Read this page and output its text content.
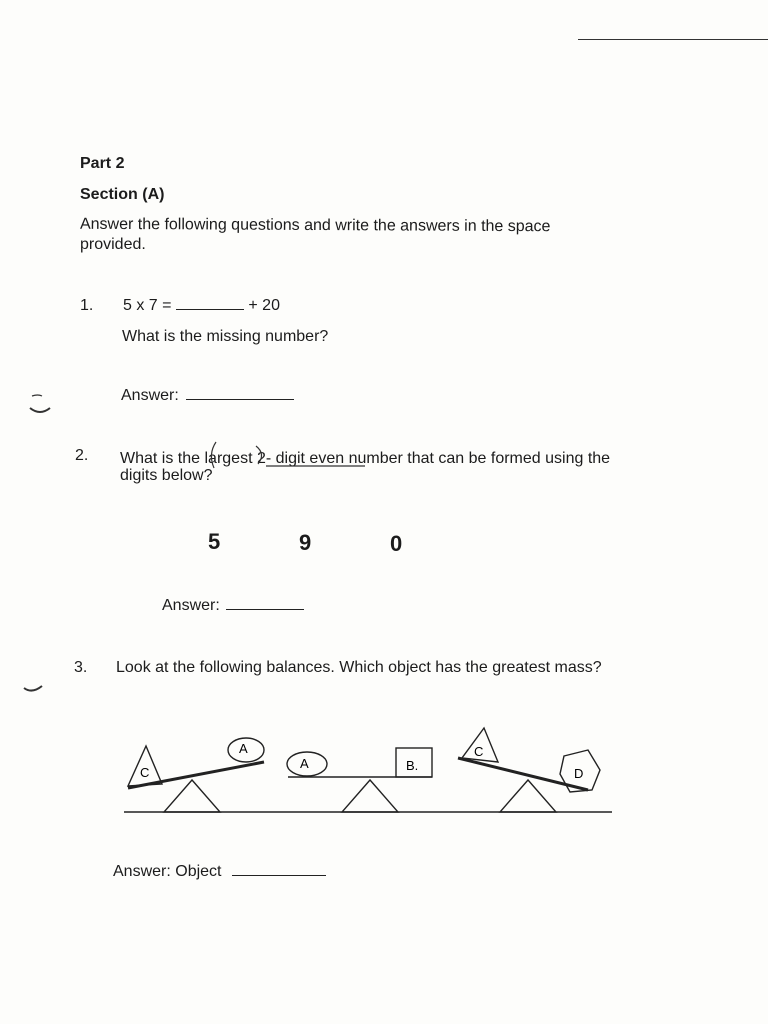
Part 2
Section (A)
Answer the following questions and write the answers in the space
provided.
1. 5 x 7 =	+ 20
What is the missing number?
Answer:
2. What is the largest 2- digit even number that can be formed using the
digits below?
5	9	0
Answer:
3. Look at the following balances. Which object has the greatest mass?
C
A
A	B.
C
D
Answer: Object
